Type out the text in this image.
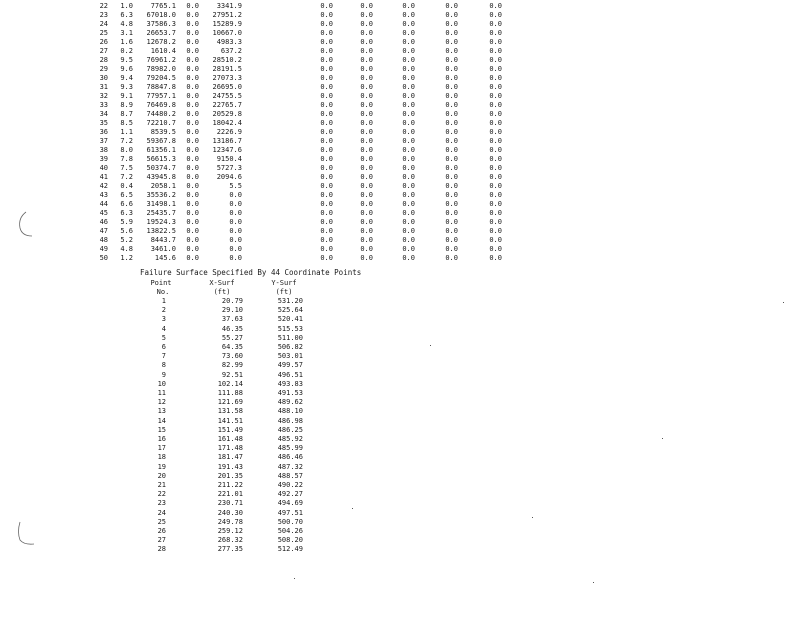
22	1.0	7765.1	0.0	3341.9	0.0	0.0	0.0	0.0	0.0
23	6.3	67018.0	0.0	27951.2	0.0	0.0	0.0	0.0	0.0
24	4.8	37586.3	0.0	15289.9	0.0	0.0	0.0	0.0	0.0
25	3.1	26653.7	0.0	10667.0	0.0	0.0	0.0	0.0	0.0
26	1.6	12678.2	0.0	4983.3	0.0	0.0	0.0	0.0	0.0
27	0.2	1610.4	0.0	637.2	0.0	0.0	0.0	0.0	0.0
28	9.5	76961.2	0.0	28510.2	0.0	0.0	0.0	0.0	0.0
29	9.6	78982.0	0.0	28191.5	0.0	0.0	0.0	0.0	0.0
30	9.4	79204.5	0.0	27073.3	0.0	0.0	0.0	0.0	0.0
31	9.3	78847.8	0.0	26695.0	0.0	0.0	0.0	0.0	0.0
32	9.1	77957.1	0.0	24755.5	0.0	0.0	0.0	0.0	0.0
33	8.9	76469.8	0.0	22765.7	0.0	0.0	0.0	0.0	0.0
34	8.7	74480.2	0.0	20529.8	0.0	0.0	0.0	0.0	0.0
35	8.5	72210.7	0.0	18042.4	0.0	0.0	0.0	0.0	0.0
36	1.1	8539.5	0.0	2226.9	0.0	0.0	0.0	0.0	0.0
37	7.2	59367.8	0.0	13186.7	0.0	0.0	0.0	0.0	0.0
38	8.0	61356.1	0.0	12347.6	0.0	0.0	0.0	0.0	0.0
39	7.8	56615.3	0.0	9150.4	0.0	0.0	0.0	0.0	0.0
40	7.5	50374.7	0.0	5727.3	0.0	0.0	0.0	0.0	0.0
41	7.2	43945.8	0.0	2094.6	0.0	0.0	0.0	0.0	0.0
42	0.4	2058.1	0.0	5.5	0.0	0.0	0.0	0.0	0.0
43	6.5	35536.2	0.0	0.0	0.0	0.0	0.0	0.0	0.0
44	6.6	31498.1	0.0	0.0	0.0	0.0	0.0	0.0	0.0
45	6.3	25435.7	0.0	0.0	0.0	0.0	0.0	0.0	0.0
46	5.9	19524.3	0.0	0.0	0.0	0.0	0.0	0.0	0.0
47	5.6	13822.5	0.0	0.0	0.0	0.0	0.0	0.0	0.0
48	5.2	8443.7	0.0	0.0	0.0	0.0	0.0	0.0	0.0
49	4.8	3461.0	0.0	0.0	0.0	0.0	0.0	0.0	0.0
50	1.2	145.6	0.0	0.0	0.0	0.0	0.0	0.0	0.0
Failure Surface Specified By 44 Coordinate Points
Point
No.
X-Surf
(ft)
Y-Surf
(ft)
1	20.79	531.20
2	29.10	525.64
3	37.63	520.41
4	46.35	515.53
5	55.27	511.00
6	64.35	506.82
7	73.60	503.01
8	82.99	499.57
9	92.51	496.51
10	102.14	493.83
11	111.88	491.53
12	121.69	489.62
13	131.58	488.10
14	141.51	486.98
15	151.49	486.25
16	161.48	485.92
17	171.48	485.99
18	181.47	486.46
19	191.43	487.32
20	201.35	488.57
21	211.22	490.22
22	221.01	492.27
23	230.71	494.69
24	240.30	497.51
25	249.78	500.70
26	259.12	504.26
27	268.32	508.20
28	277.35	512.49
